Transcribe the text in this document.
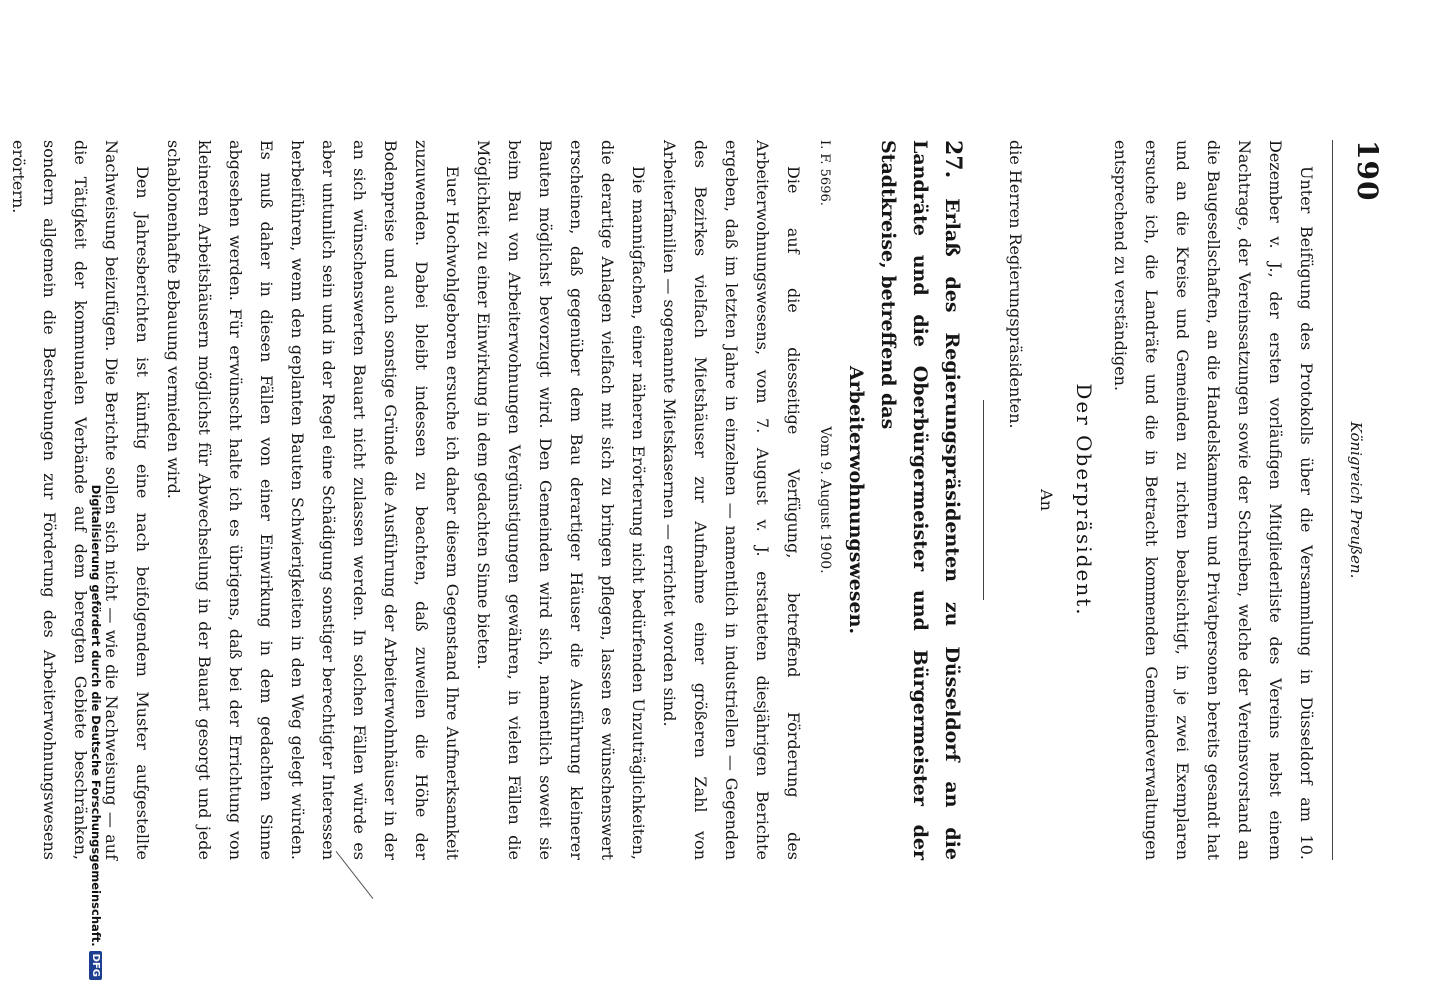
190
Königreich Preußen.

Unter Beifügung des Protokolls über die Versammlung in Düsseldorf am 10. Dezember v. J., der ersten vorläufigen Mitgliederliste des Vereins nebst einem Nachtrage, der Vereinssatzungen sowie der Schreiben, welche der Vereinsvorstand an die Baugesellschaften, an die Handelskammern und Privatpersonen bereits gesandt hat und an die Kreise und Gemeinden zu richten beabsichtigt, in je zwei Exemplaren ersuche ich, die Landräte und die in Betracht kommenden Gemeindeverwaltungen entsprechend zu verständigen.

Der Oberpräsident.

An

die Herren Regierungspräsidenten.

27. Erlaß des Regierungspräsidenten zu Düsseldorf an die Landräte und die Oberbürgermeister und Bürgermeister der Stadtkreise, betreffend das
Arbeiterwohnungswesen.

I. F. 5696.
Vom 9. August 1900.

Die auf die diesseitige Verfügung, betreffend Förderung des Arbeiterwohnungswesens, vom 7. August v. J. erstatteten diesjährigen Berichte ergeben, daß im letzten Jahre in einzelnen — namentlich in industriellen — Gegenden des Bezirkes vielfach Mietshäuser zur Aufnahme einer größeren Zahl von Arbeiterfamilien — sogenannte Mietskasernen — errichtet worden sind.

Die mannigfachen, einer näheren Erörterung nicht bedürfenden Unzuträglichkeiten, die derartige Anlagen vielfach mit sich zu bringen pflegen, lassen es wünschenswert erscheinen, daß gegenüber dem Bau derartiger Häuser die Ausführung kleinerer Bauten möglichst bevorzugt wird. Den Gemeinden wird sich, namentlich soweit sie beim Bau von Arbeiterwohnungen Vergünstigungen gewähren, in vielen Fällen die Möglichkeit zu einer Einwirkung in dem gedachten Sinne bieten.

Euer Hochwohlgeboren ersuche ich daher diesem Gegenstand Ihre Aufmerksamkeit zuzuwenden. Dabei bleibt indessen zu beachten, daß zuweilen die Höhe der Bodenpreise und auch sonstige Gründe die Ausführung der Arbeiterwohnhäuser in der an sich wünschenswerten Bauart nicht zulassen werden. In solchen Fällen würde es aber untunlich sein und in der Regel eine Schädigung sonstiger berechtigter Interessen herbeiführen, wenn den geplanten Bauten Schwierigkeiten in den Weg gelegt würden. Es muß daher in diesen Fällen von einer Einwirkung in dem gedachten Sinne abgesehen werden. Für erwünscht halte ich es übrigens, daß bei der Errichtung von kleineren Arbeitshäusern möglichst für Abwechselung in der Bauart gesorgt und jede schablonenhafte Bebauung vermieden wird.

Den Jahresberichten ist künftig eine nach beifolgendem Muster aufgestellte Nachweisung beizufügen. Die Berichte sollen sich nicht — wie die Nachweisung — auf die Tätigkeit der kommunalen Verbände auf dem beregten Gebiete beschränken, sondern allgemein die Bestrebungen zur Förderung des Arbeiterwohnungswesens erörtern.

Digitalisierung gefördert durch die Deutsche Forschungsgemeinschaft.DFG
